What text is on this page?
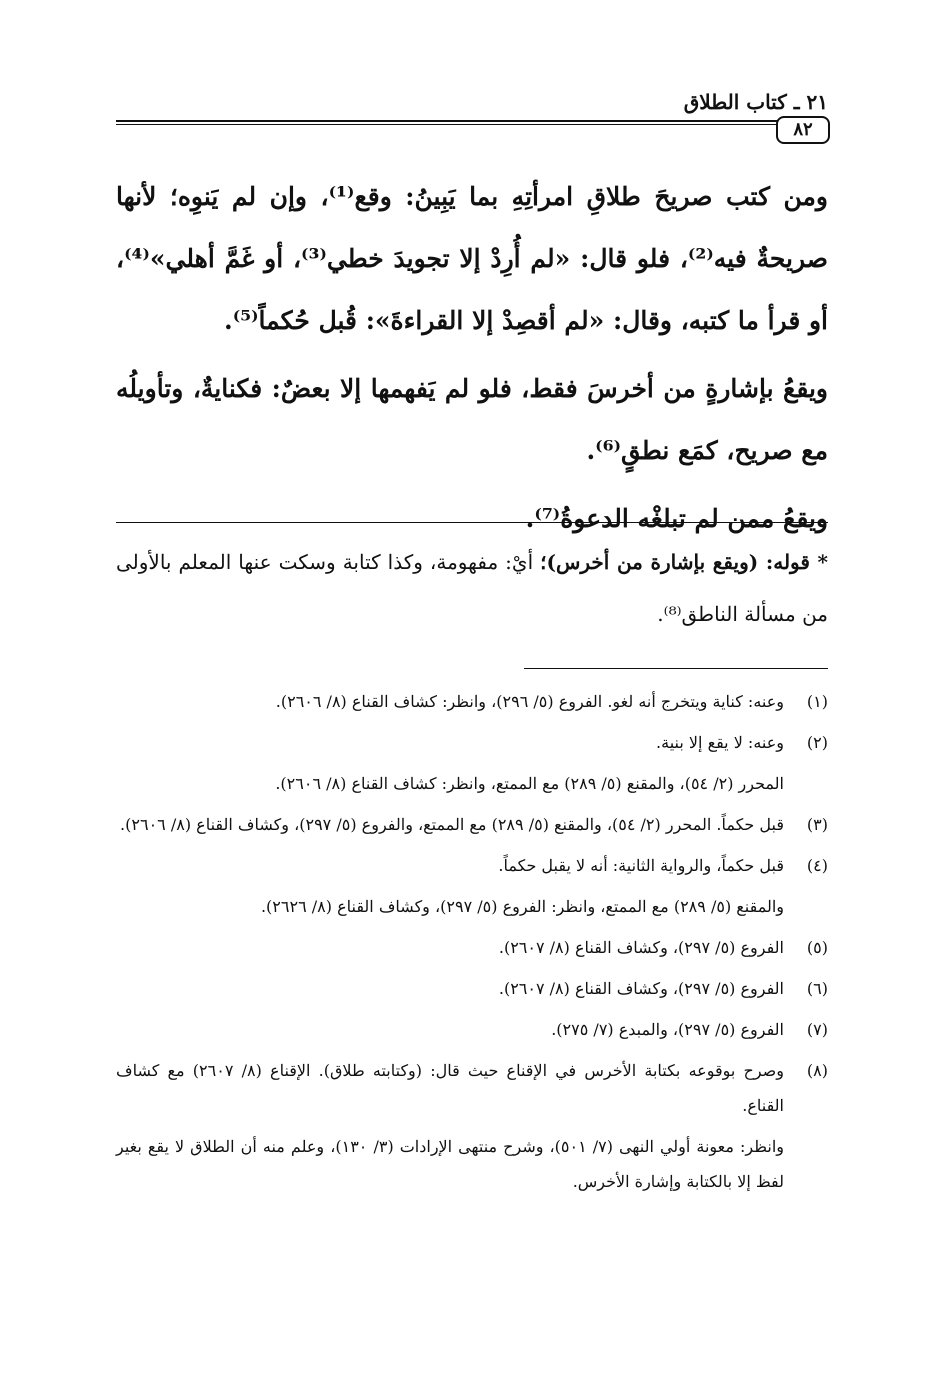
٢١ ـ كتاب الطلاق
٨٢

ومن كتب صريحَ طلاقِ امرأتِهِ بما يَبِينُ: وقع⁽¹⁾، وإن لم يَنوِه؛ لأنها صريحةٌ فيه⁽²⁾، فلو قال: «لم أُرِدْ إلا تجويدَ خطي⁽³⁾، أو غَمَّ أهلي»⁽⁴⁾، أو قرأ ما كتبه، وقال: «لم أقصِدْ إلا القراءةَ»: قُبل حُكماً⁽⁵⁾.

ويقعُ بإشارةٍ من أخرسَ فقط، فلو لم يَفهمها إلا بعضٌ: فكنايةٌ، وتأويلُه مع صريح، كمَع نطقٍ⁽⁶⁾.

ويقعُ ممن لم تبلغْه الدعوةُ⁽⁷⁾.

* قوله: (ويقع بإشارة من أخرس)؛ أيْ: مفهومة، وكذا كتابة وسكت عنها المعلم بالأولى من مسألة الناطق⁽⁸⁾.
(١)
وعنه: كناية ويتخرج أنه لغو. الفروع (٥/ ٢٩٦)، وانظر: كشاف القناع (٨/ ٢٦٠٦).
(٢)
وعنه: لا يقع إلا بنية.
المحرر (٢/ ٥٤)، والمقنع (٥/ ٢٨٩) مع الممتع، وانظر: كشاف القناع (٨/ ٢٦٠٦).
(٣)
قبل حكماً. المحرر (٢/ ٥٤)، والمقنع (٥/ ٢٨٩) مع الممتع، والفروع (٥/ ٢٩٧)، وكشاف القناع (٨/ ٢٦٠٦).
(٤)
قبل حكماً، والرواية الثانية: أنه لا يقبل حكماً.
والمقنع (٥/ ٢٨٩) مع الممتع، وانظر: الفروع (٥/ ٢٩٧)، وكشاف القناع (٨/ ٢٦٢٦).
(٥)
الفروع (٥/ ٢٩٧)، وكشاف القناع (٨/ ٢٦٠٧).
(٦)
الفروع (٥/ ٢٩٧)، وكشاف القناع (٨/ ٢٦٠٧).
(٧)
الفروع (٥/ ٢٩٧)، والمبدع (٧/ ٢٧٥).
(٨)
وصرح بوقوعه بكتابة الأخرس في الإقناع حيث قال: (وكتابته طلاق). الإقناع (٨/ ٢٦٠٧) مع كشاف القناع.
وانظر: معونة أولي النهى (٧/ ٥٠١)، وشرح منتهى الإرادات (٣/ ١٣٠)، وعلم منه أن الطلاق لا يقع بغير لفظ إلا بالكتابة وإشارة الأخرس.
